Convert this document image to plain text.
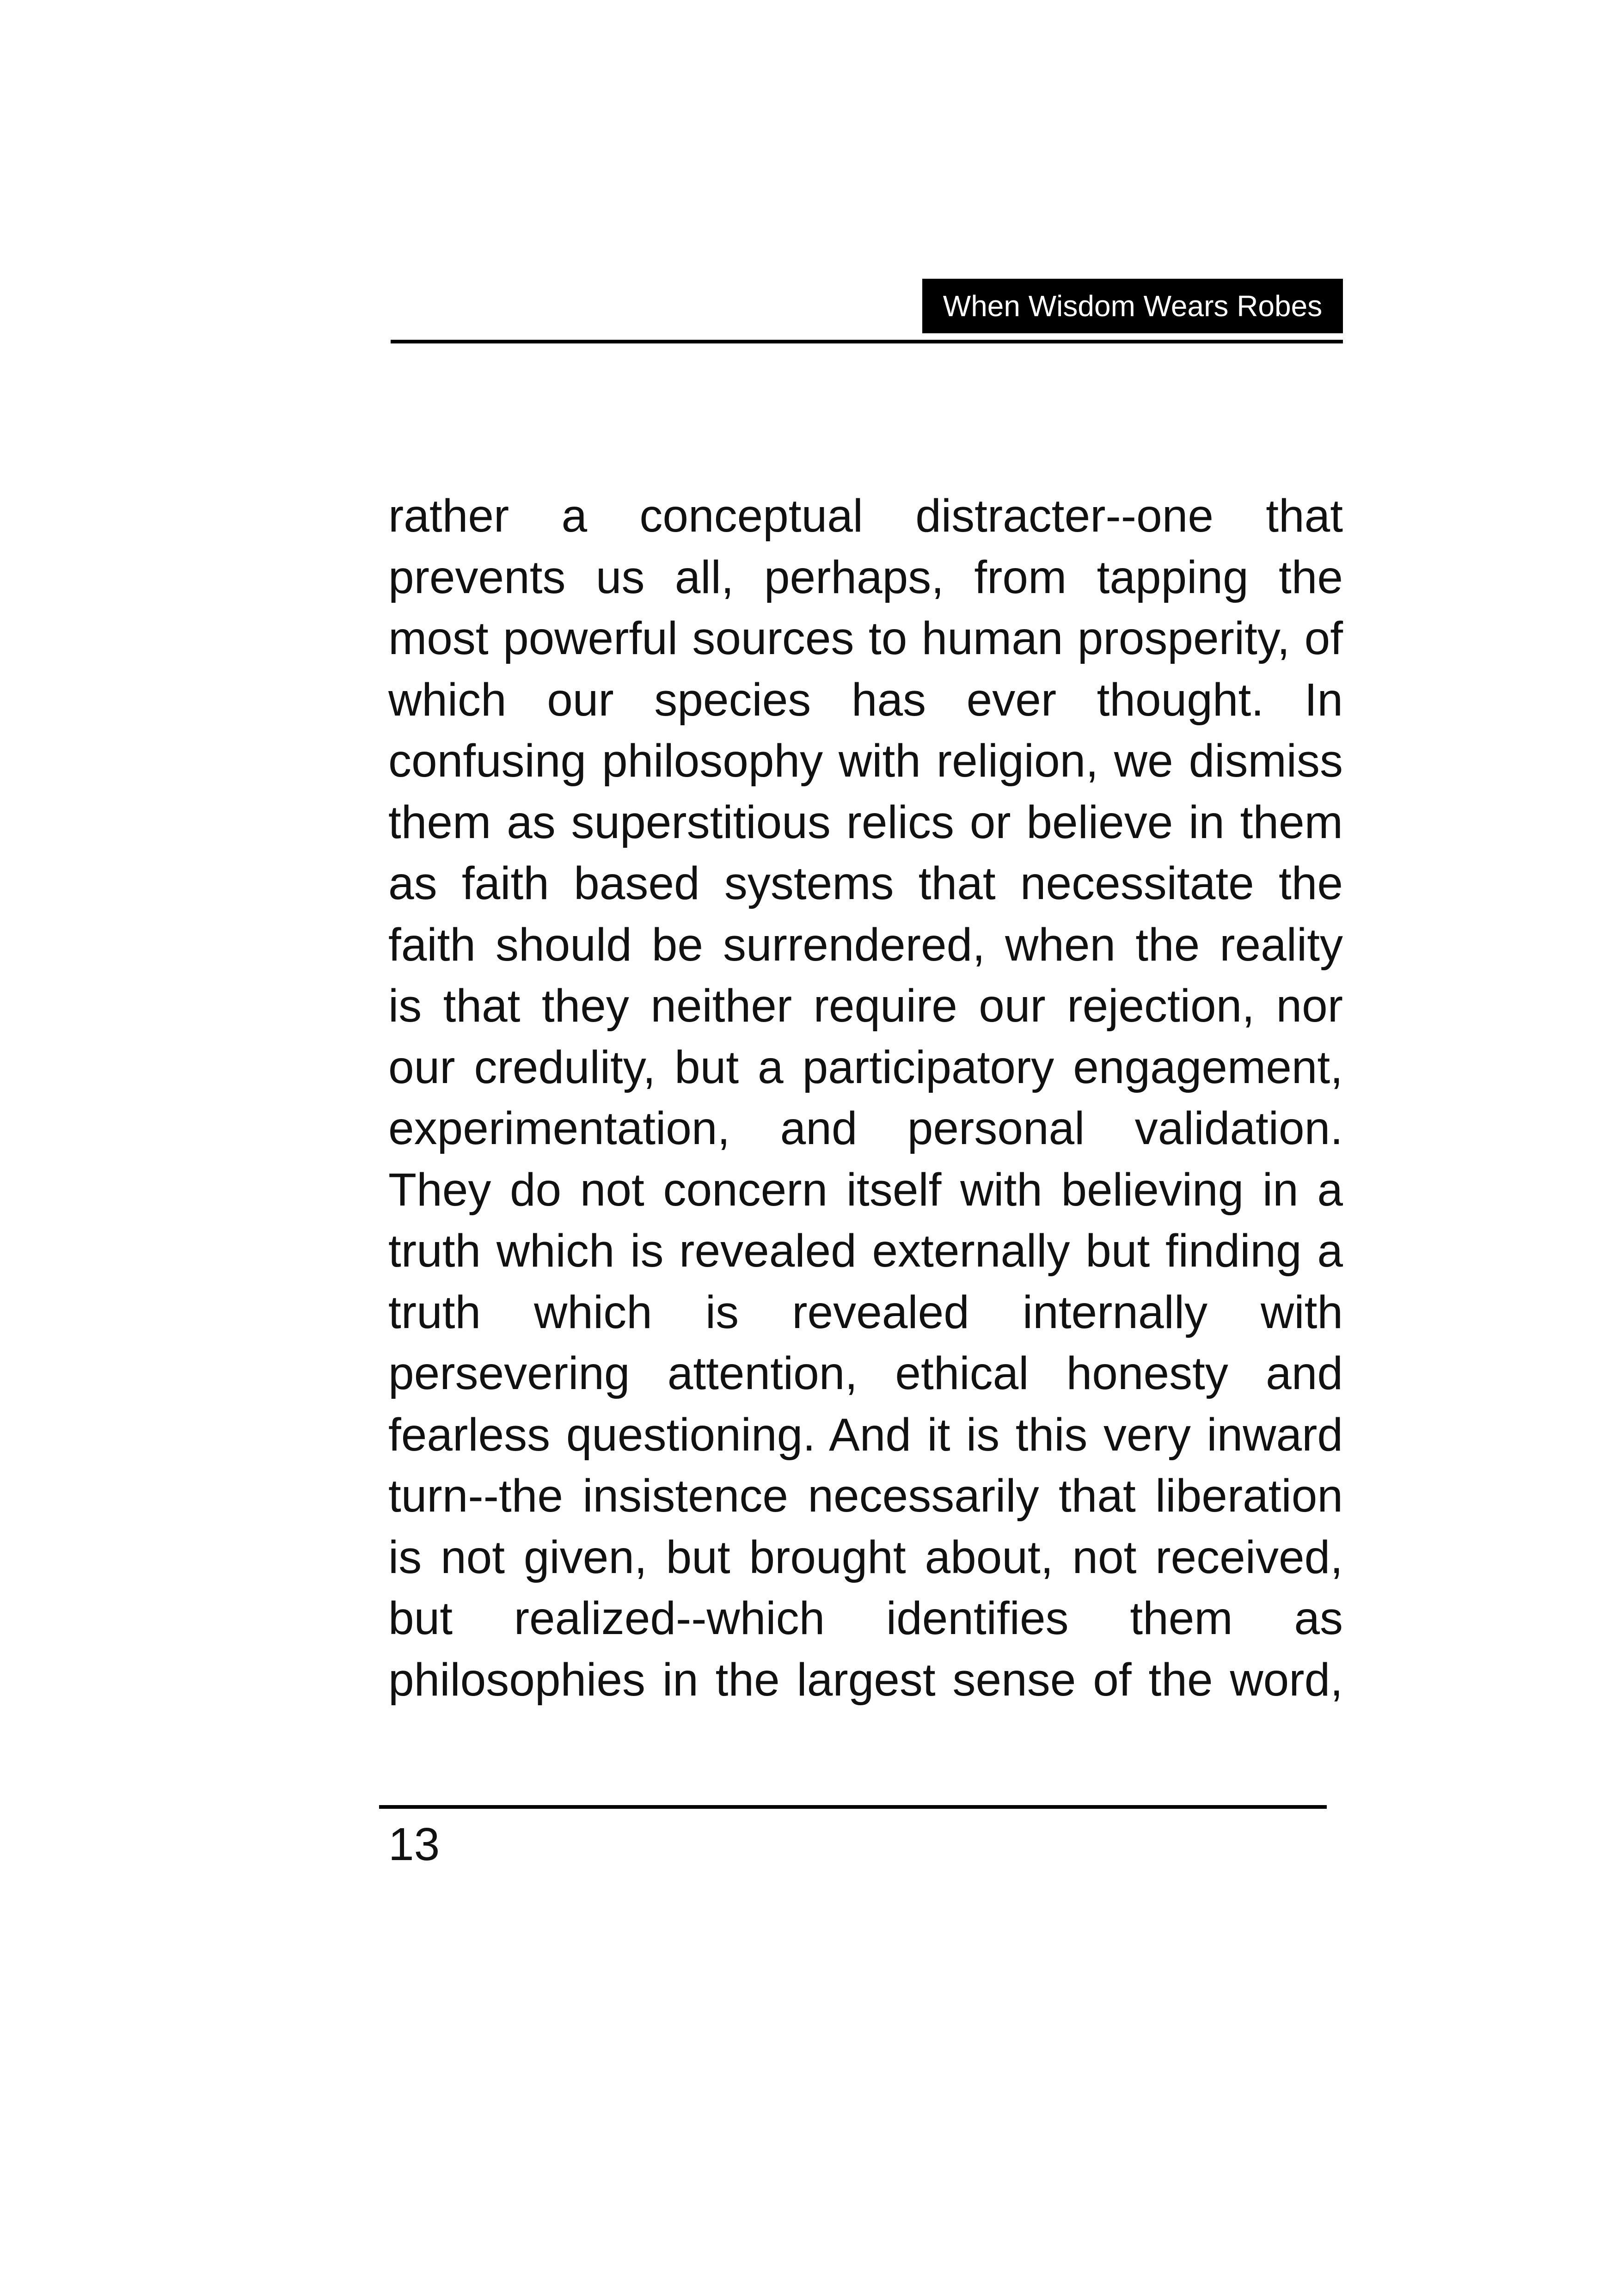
When Wisdom Wears Robes
rather a conceptual distracter--one that
prevents us all, perhaps, from tapping the
most powerful sources to human prosperity, of
which our species has ever thought. In
confusing philosophy with religion, we dismiss
them as superstitious relics or believe in them
as faith based systems that necessitate the
faith should be surrendered, when the reality
is that they neither require our rejection, nor
our credulity, but a participatory engagement,
experimentation, and personal validation.
They do not concern itself with believing in a
truth which is revealed externally but finding a
truth which is revealed internally with
persevering attention, ethical honesty and
fearless questioning. And it is this very inward
turn--the insistence necessarily that liberation
is not given, but brought about, not received,
but realized--which identifies them as
philosophies in the largest sense of the word,
13
